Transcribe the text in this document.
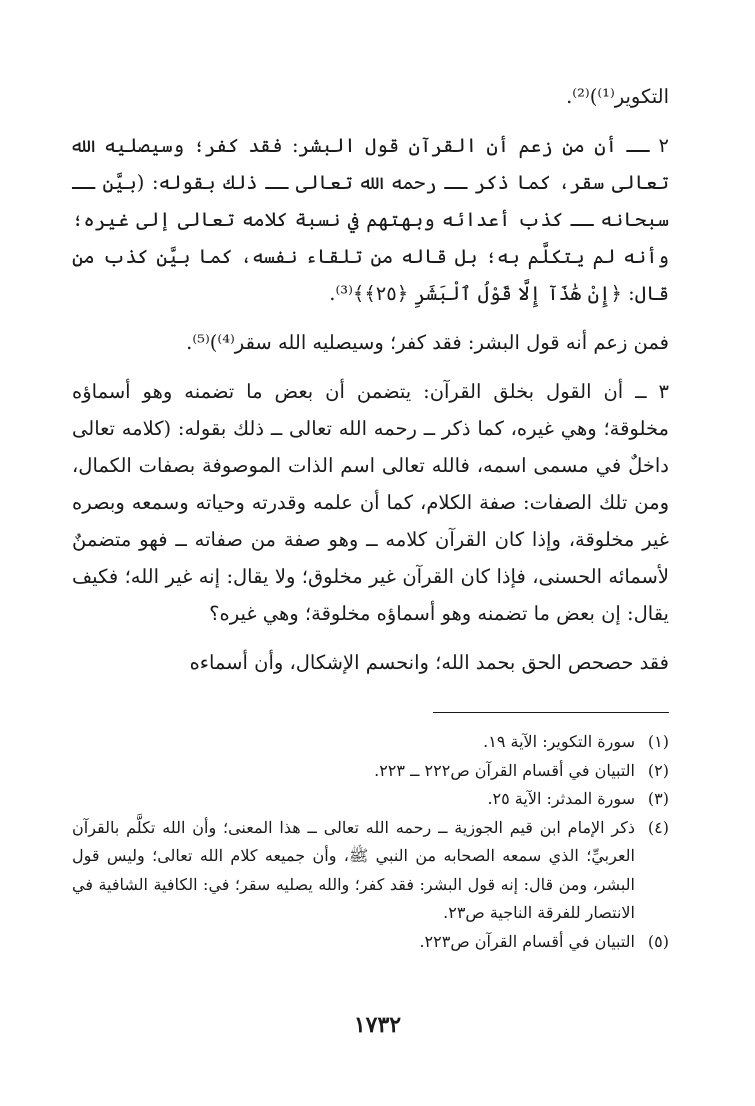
التكوير⁽¹⁾)⁽²⁾.

٢ ــ أن من زعم أن القرآن قول البشر: فقد كفر؛ وسيصليه الله تعالى سقر، كما ذكر ــ رحمه الله تعالى ــ ذلك بقوله: (بيَّن ــ سبحانه ــ كذب أعدائه وبهتهم في نسبة كلامه تعالى إلى غيره؛ وأنه لم يتكلَّم به؛ بل قاله من تلقاء نفسه، كما بيَّن كذب من قال: ﴿إِنْ هَٰذَآ إِلَّا قَوْلُ ٱلْبَشَرِ ﴿٢٥﴾﴾⁽³⁾.

فمن زعم أنه قول البشر: فقد كفر؛ وسيصليه الله سقر⁽⁴⁾)⁽⁵⁾.

٣ ــ أن القول بخلق القرآن: يتضمن أن بعض ما تضمنه وهو أسماؤه مخلوقة؛ وهي غيره، كما ذكر ــ رحمه الله تعالى ــ ذلك بقوله: (كلامه تعالى داخلٌ في مسمى اسمه، فالله تعالى اسم الذات الموصوفة بصفات الكمال، ومن تلك الصفات: صفة الكلام، كما أن علمه وقدرته وحياته وسمعه وبصره غير مخلوقة، وإذا كان القرآن كلامه ــ وهو صفة من صفاته ــ فهو متضمنٌ لأسمائه الحسنى، فإذا كان القرآن غير مخلوق؛ ولا يقال: إنه غير الله؛ فكيف يقال: إن بعض ما تضمنه وهو أسماؤه مخلوقة؛ وهي غيره؟

فقد حصحص الحق بحمد الله؛ وانحسم الإشكال، وأن أسماءه

(١)
سورة التكوير: الآية ١٩.
(٢)
التبيان في أقسام القرآن ص٢٢٢ ــ ٢٢٣.
(٣)
سورة المدثر: الآية ٢٥.
(٤)
ذكر الإمام ابن قيم الجوزية ــ رحمه الله تعالى ــ هذا المعنى؛ وأن الله تكلَّم بالقرآن العربيِّ؛ الذي سمعه الصحابه من النبي ﷺ، وأن جميعه كلام الله تعالى؛ وليس قول البشر، ومن قال: إنه قول البشر: فقد كفر؛ والله يصليه سقر؛ في: الكافية الشافية في الانتصار للفرقة الناجية ص٢٣.
(٥)
التبيان في أقسام القرآن ص٢٢٣.
١٧٣٢
